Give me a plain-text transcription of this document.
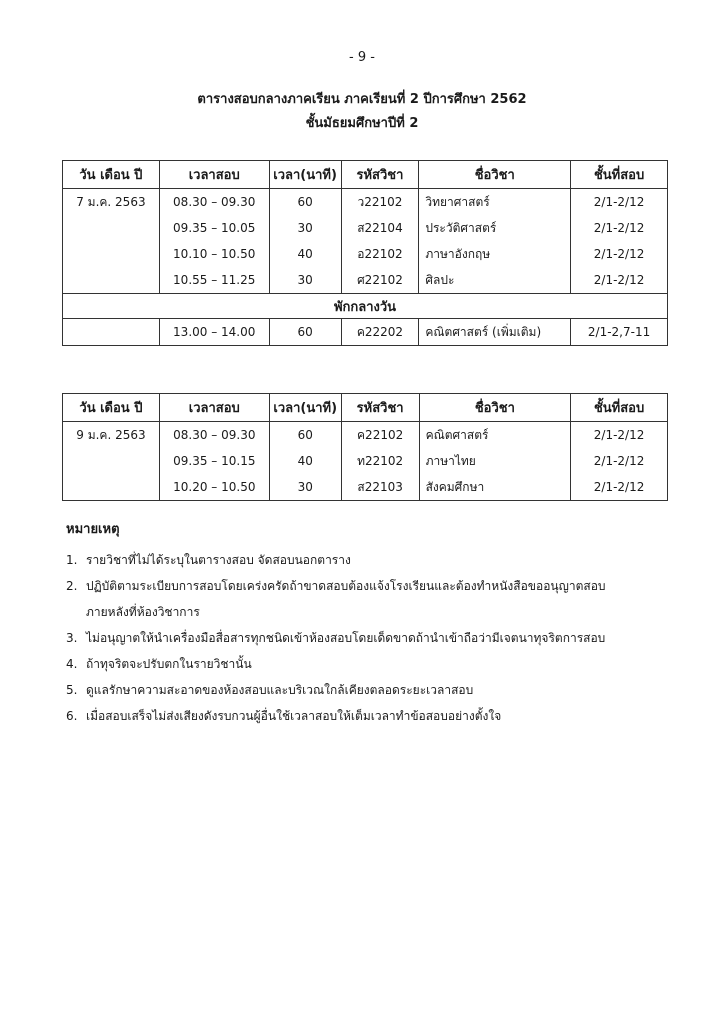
- 9 -
ตารางสอบกลางภาคเรียน ภาคเรียนที่ 2 ปีการศึกษา 2562
ชั้นมัธยมศึกษาปีที่ 2
วัน เดือน ปี	เวลาสอบ	เวลา(นาที)	รหัสวิชา	ชื่อวิชา	ชั้นที่สอบ
7 ม.ค. 2563	08.30 – 09.30	60	ว22102	วิทยาศาสตร์	2/1-2/12
	09.35 – 10.05	30	ส22104	ประวัติศาสตร์	2/1-2/12
	10.10 – 10.50	40	อ22102	ภาษาอังกฤษ	2/1-2/12
	10.55 – 11.25	30	ศ22102	ศิลปะ	2/1-2/12
พักกลางวัน					
	13.00 – 14.00	60	ค22202	คณิตศาสตร์ (เพิ่มเติม)	2/1-2,7-11
วัน เดือน ปี	เวลาสอบ	เวลา(นาที)	รหัสวิชา	ชื่อวิชา	ชั้นที่สอบ
9 ม.ค. 2563	08.30 – 09.30	60	ค22102	คณิตศาสตร์	2/1-2/12
	09.35 – 10.15	40	ท22102	ภาษาไทย	2/1-2/12
	10.20 – 10.50	30	ส22103	สังคมศึกษา	2/1-2/12
หมายเหตุ
1. รายวิชาที่ไม่ได้ระบุในตารางสอบ จัดสอบนอกตาราง
2. ปฏิบัติตามระเบียบการสอบโดยเคร่งครัดถ้าขาดสอบต้องแจ้งโรงเรียนและต้องทำหนังสือขออนุญาตสอบ
ภายหลังที่ห้องวิชาการ
3. ไม่อนุญาตให้นำเครื่องมือสื่อสารทุกชนิดเข้าห้องสอบโดยเด็ดขาดถ้านำเข้าถือว่ามีเจตนาทุจริตการสอบ
4. ถ้าทุจริตจะปรับตกในรายวิชานั้น
5. ดูแลรักษาความสะอาดของห้องสอบและบริเวณใกล้เคียงตลอดระยะเวลาสอบ
6. เมื่อสอบเสร็จไม่ส่งเสียงดังรบกวนผู้อื่นใช้เวลาสอบให้เต็มเวลาทำข้อสอบอย่างตั้งใจ
